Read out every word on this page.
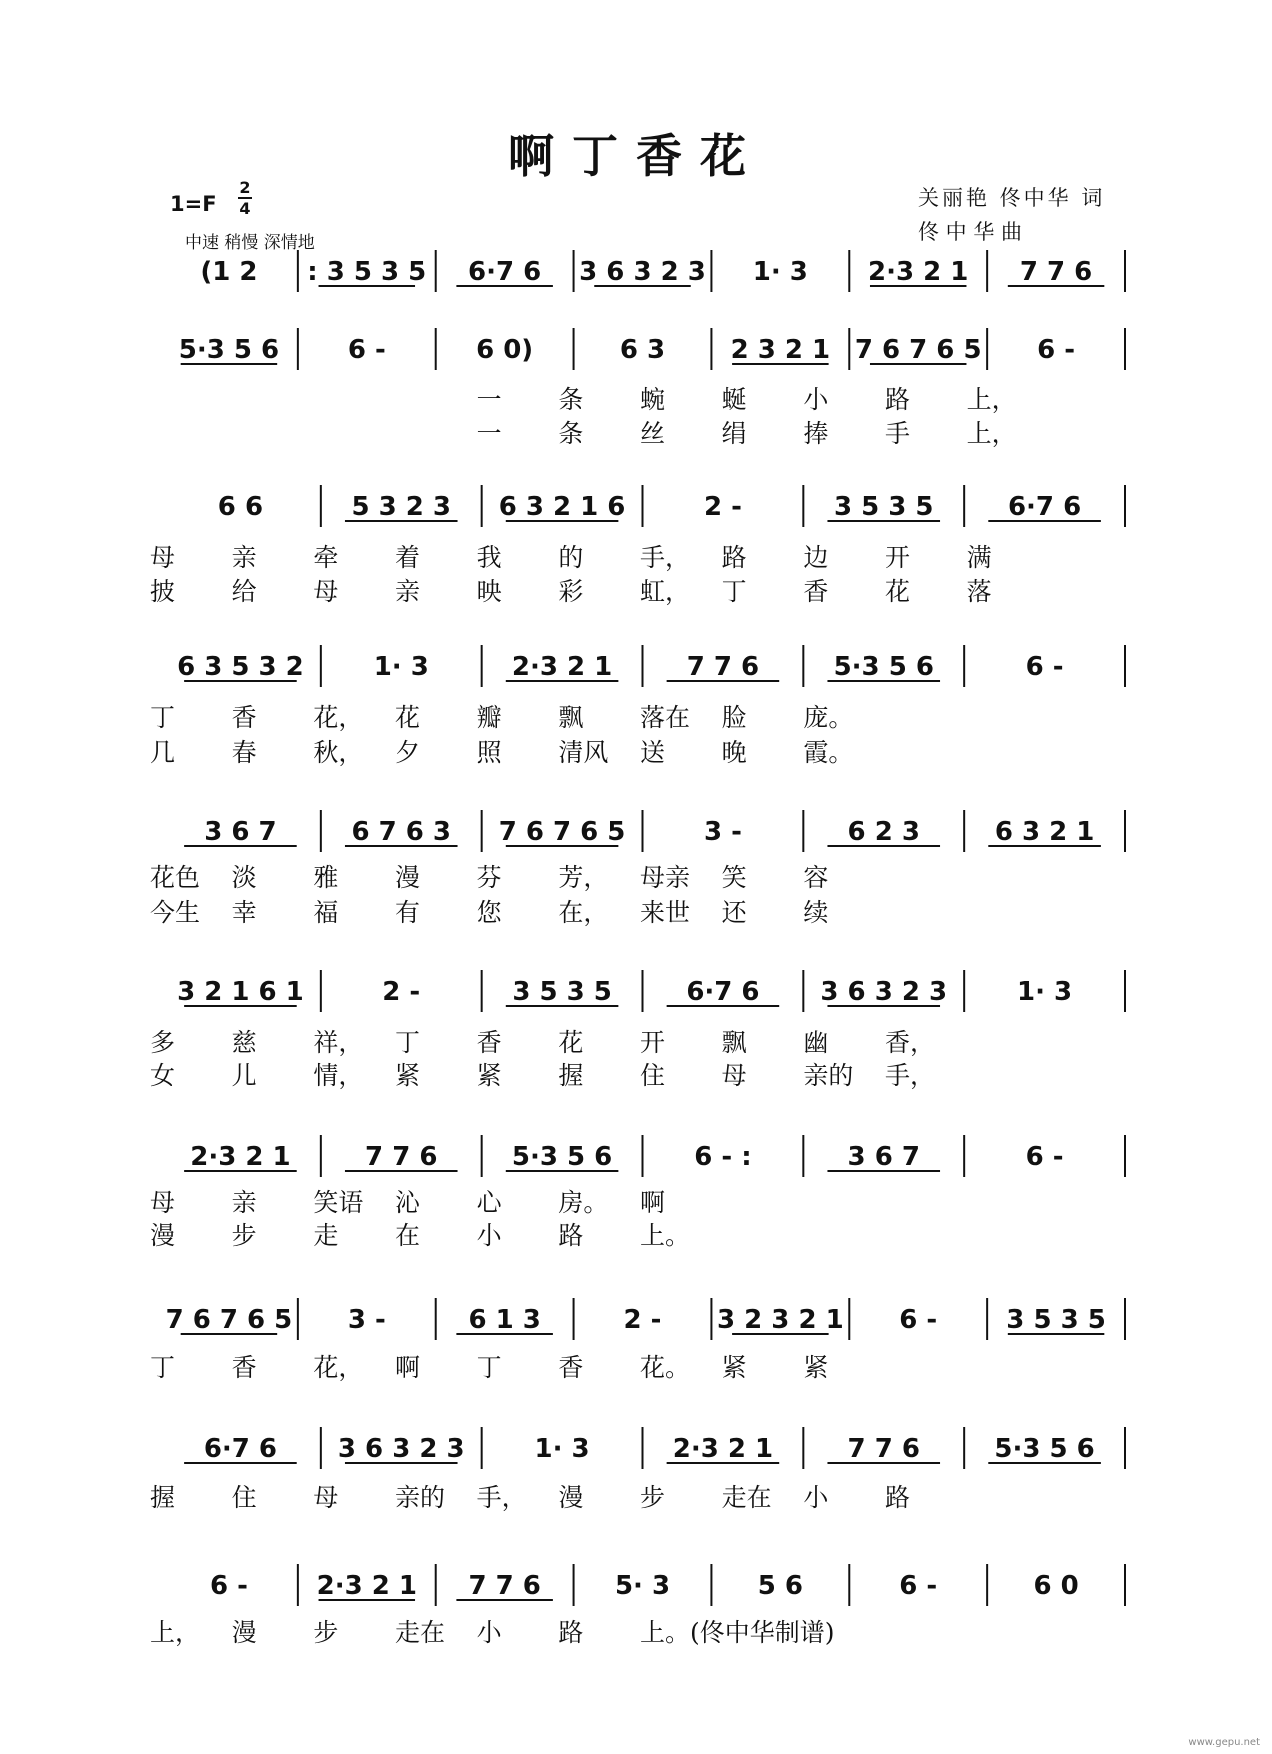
啊丁香花
1=F
2
4
中速 稍慢 深情地
关丽艳 佟中华 词
佟 中 华 曲
(1 2 : 3 5 3 5 6·7 6 3 6 3 2 3 1· 3 2·3 2 1 7 7 6
5·3 5 6	6 -	6 0)	6 3	2 3 2 1 7 6 7 6 5 6 -
6 6	5 3 2 3 6 3 2 1 6	2 -	3 5 3 5	6·7 6
6 3 5 3 2	1· 3	2·3 2 1	7 7 6	5·3 5 6	6 -
3 6 7	6 7 6 3 7 6 7 6 5	3 -	6 2 3	6 3 2 1
3 2 1 6 1	2 -	3 5 3 5	6·7 6 3 6 3 2 3	1· 3
2·3 2 1	7 7 6	5·3 5 6	6 - :	3 6 7	6 -
7 6 7 6 5 3 -	6 1 3	2 - 3 2 3 2 1 6 -	3 5 3 5
6·7 6 3 6 3 2 3	1· 3	2·3 2 1	7 7 6	5·3 5 6
6 -	2·3 2 1 7 7 6	5· 3	5 6	6 -	6 0
一 条 蜿 蜒 小 路 上，
母 亲 牵 着 我 的 手， 路 边 开 满
丁 香 花， 花 瓣 飘 落在 脸 庞。
花色 淡 雅 漫 芬 芳， 母亲 笑 容
多 慈 祥， 丁 香 花 开 飘 幽 香，
母 亲 笑语 沁 心 房。 啊
丁 香 花， 啊 丁 香 花。 紧 紧
握 住 母 亲的 手， 漫 步 走在 小 路
上， 漫 步 走在 小 路 上。(佟中华制谱)
一 条 丝 绢 捧 手 上，
披 给 母 亲 映 彩 虹， 丁 香 花 落
几 春 秋， 夕 照 清风 送 晚 霞。
今生 幸 福 有 您 在， 来世 还 续
女 儿 情， 紧 紧 握 住 母 亲的 手，
漫 步 走 在 小 路 上。
www.gepu.net
